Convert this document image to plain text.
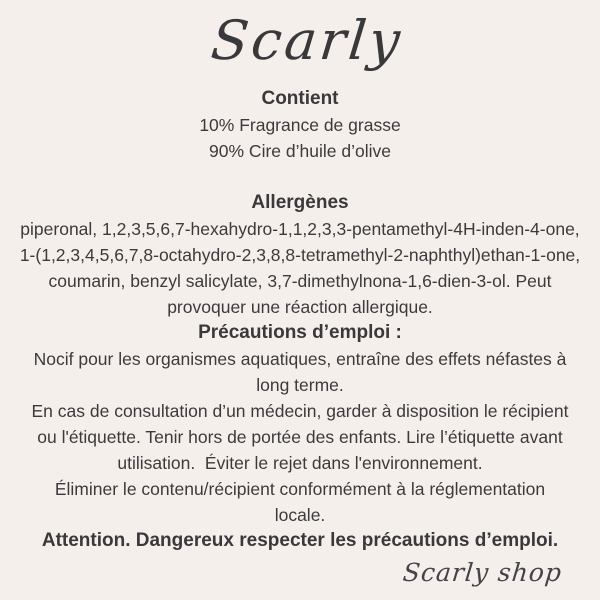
Scarly
Contient
10% Fragrance de grasse
90% Cire d’huile d’olive
Allergènes
piperonal, 1,2,3,5,6,7-hexahydro-1,1,2,3,3-pentamethyl-4H-inden-4-one,
1-(1,2,3,4,5,6,7,8-octahydro-2,3,8,8-tetramethyl-2-naphthyl)ethan-1-one,
coumarin, benzyl salicylate, 3,7-dimethylnona-1,6-dien-3-ol. Peut
provoquer une réaction allergique.
Précautions d’emploi :
Nocif pour les organismes aquatiques, entraîne des effets néfastes à
long terme.
En cas de consultation d’un médecin, garder à disposition le récipient
ou l'étiquette. Tenir hors de portée des enfants. Lire l’étiquette avant
utilisation.  Éviter le rejet dans l'environnement.
Éliminer le contenu/récipient conformément à la réglementation
locale.
Attention. Dangereux respecter les précautions d’emploi.
Scarly shop
